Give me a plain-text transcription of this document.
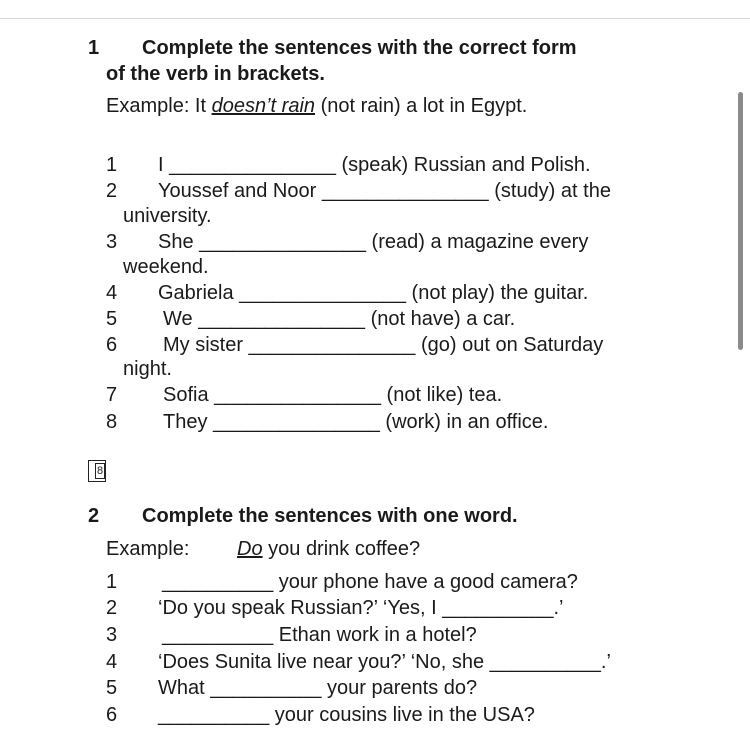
1 Complete the sentences with the correct form
of the verb in brackets.
Example: It doesn’t rain (not rain) a lot in Egypt.
1 I _______________ (speak) Russian and Polish.
2 Youssef and Noor _______________ (study) at the
university.
3 She _______________ (read) a magazine every
weekend.
4 Gabriela _______________ (not play) the guitar.
5 We _______________ (not have) a car.
6 My sister _______________ (go) out on Saturday
night.
7 Sofia _______________ (not like) tea.
8 They _______________ (work) in an office.
8
2 Complete the sentences with one word.
Example: Do you drink coffee?
1 __________ your phone have a good camera?
2 ‘Do you speak Russian?’ ‘Yes, I __________.’
3 __________ Ethan work in a hotel?
4 ‘Does Sunita live near you?’ ‘No, she __________.’
5 What __________ your parents do?
6 __________ your cousins live in the USA?
